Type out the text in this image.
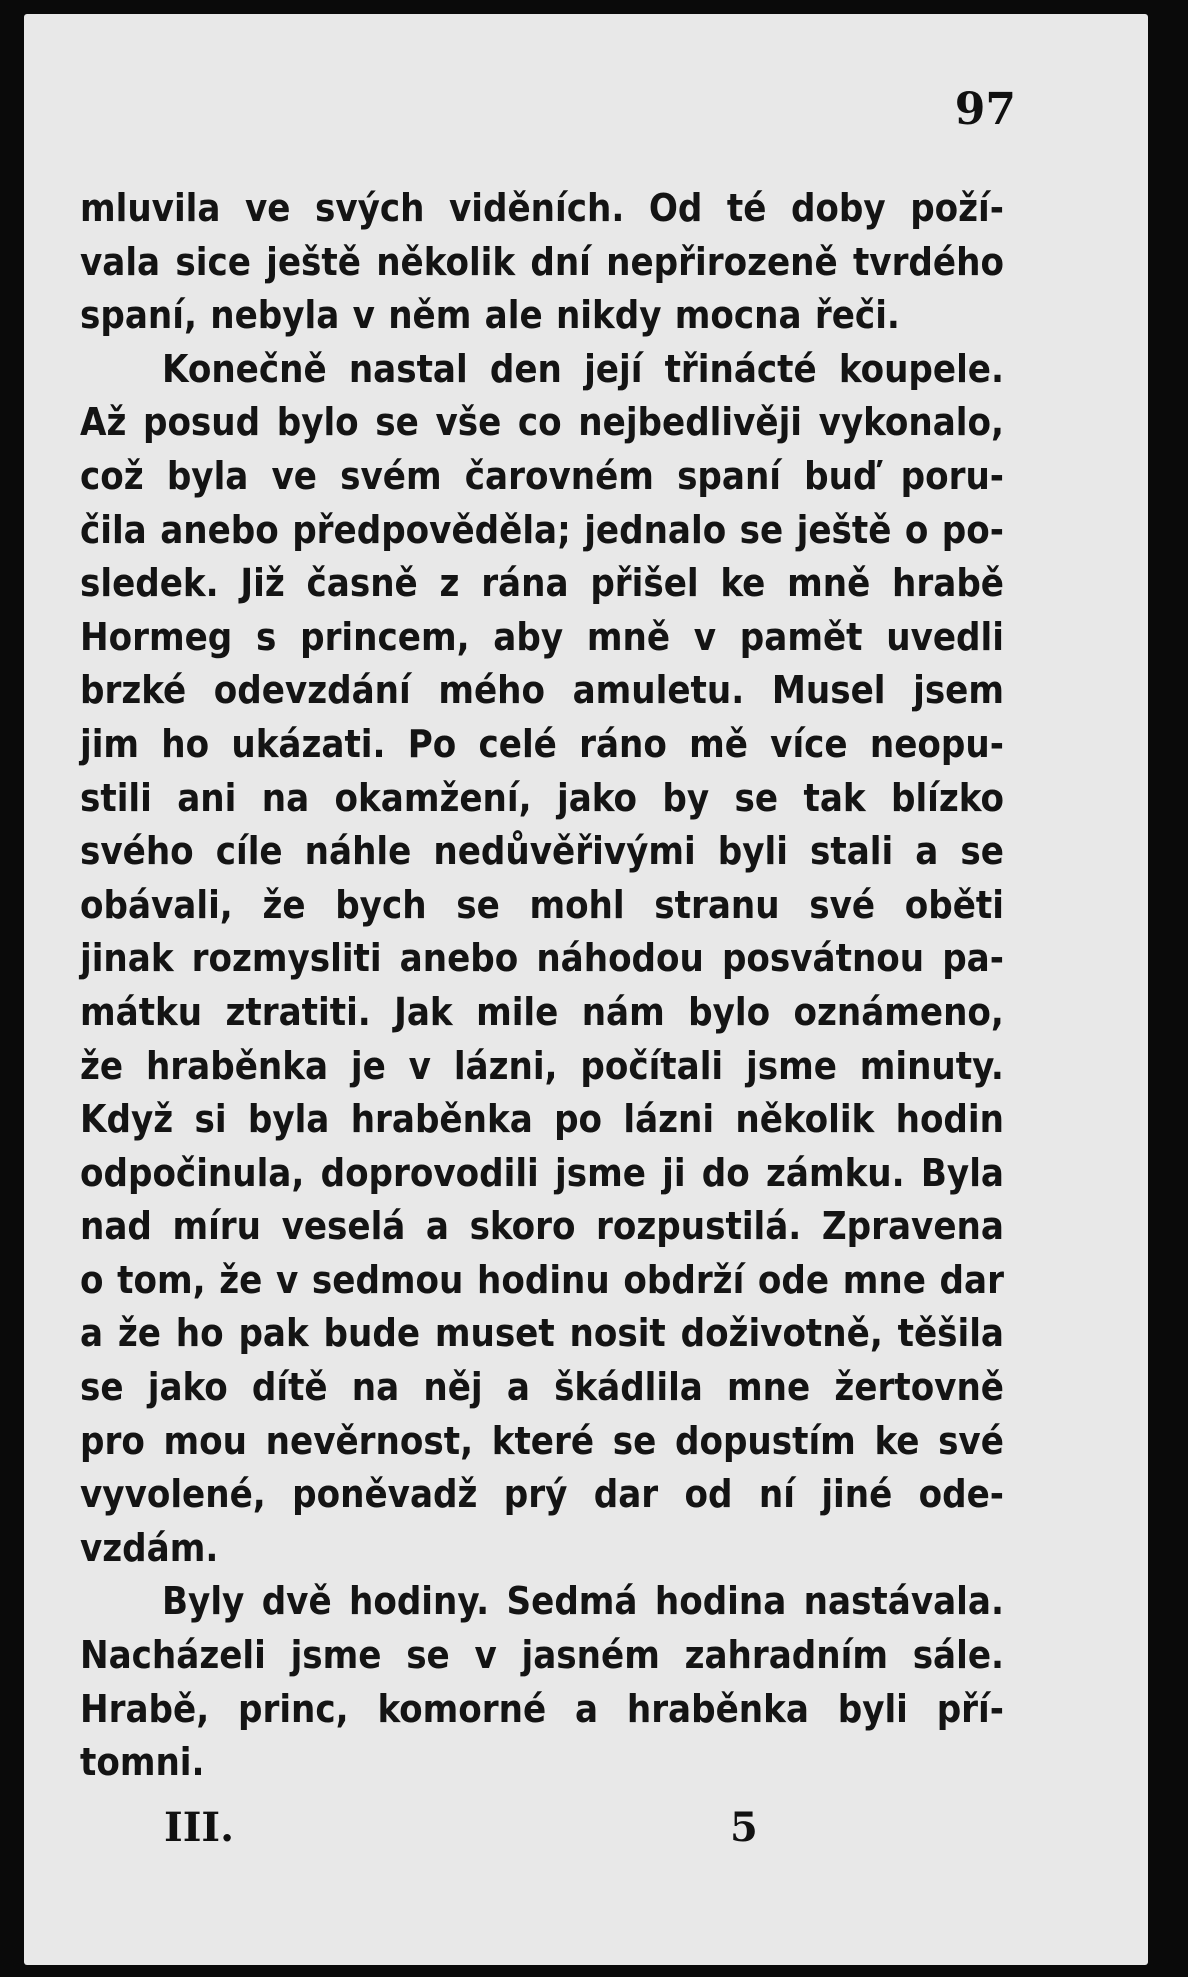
97
mluvila ve svých viděních. Od té doby poží-
vala sice ještě několik dní nepřirozeně tvrdého
spaní, nebyla v něm ale nikdy mocna řeči.
Konečně nastal den její třinácté koupele.
Až posud bylo se vše co nejbedlivěji vykonalo,
což byla ve svém čarovném spaní buď poru-
čila anebo předpověděla; jednalo se ještě o po-
sledek. Již časně z rána přišel ke mně hrabě
Hormeg s princem, aby mně v pamět uvedli
brzké odevzdání mého amuletu. Musel jsem
jim ho ukázati. Po celé ráno mě více neopu-
stili ani na okamžení, jako by se tak blízko
svého cíle náhle nedůvěřivými byli stali a se
obávali, že bych se mohl stranu své oběti
jinak rozmysliti anebo náhodou posvátnou pa-
mátku ztratiti. Jak mile nám bylo oznámeno,
že hraběnka je v lázni, počítali jsme minuty.
Když si byla hraběnka po lázni několik hodin
odpočinula, doprovodili jsme ji do zámku. Byla
nad míru veselá a skoro rozpustilá. Zpravena
o tom, že v sedmou hodinu obdrží ode mne dar
a že ho pak bude muset nosit doživotně, těšila
se jako dítě na něj a škádlila mne žertovně
pro mou nevěrnost, které se dopustím ke své
vyvolené, poněvadž prý dar od ní jiné ode-
vzdám.
Byly dvě hodiny. Sedmá hodina nastávala.
Nacházeli jsme se v jasném zahradním sále.
Hrabě, princ, komorné a hraběnka byli pří-
tomni.
III.	5
